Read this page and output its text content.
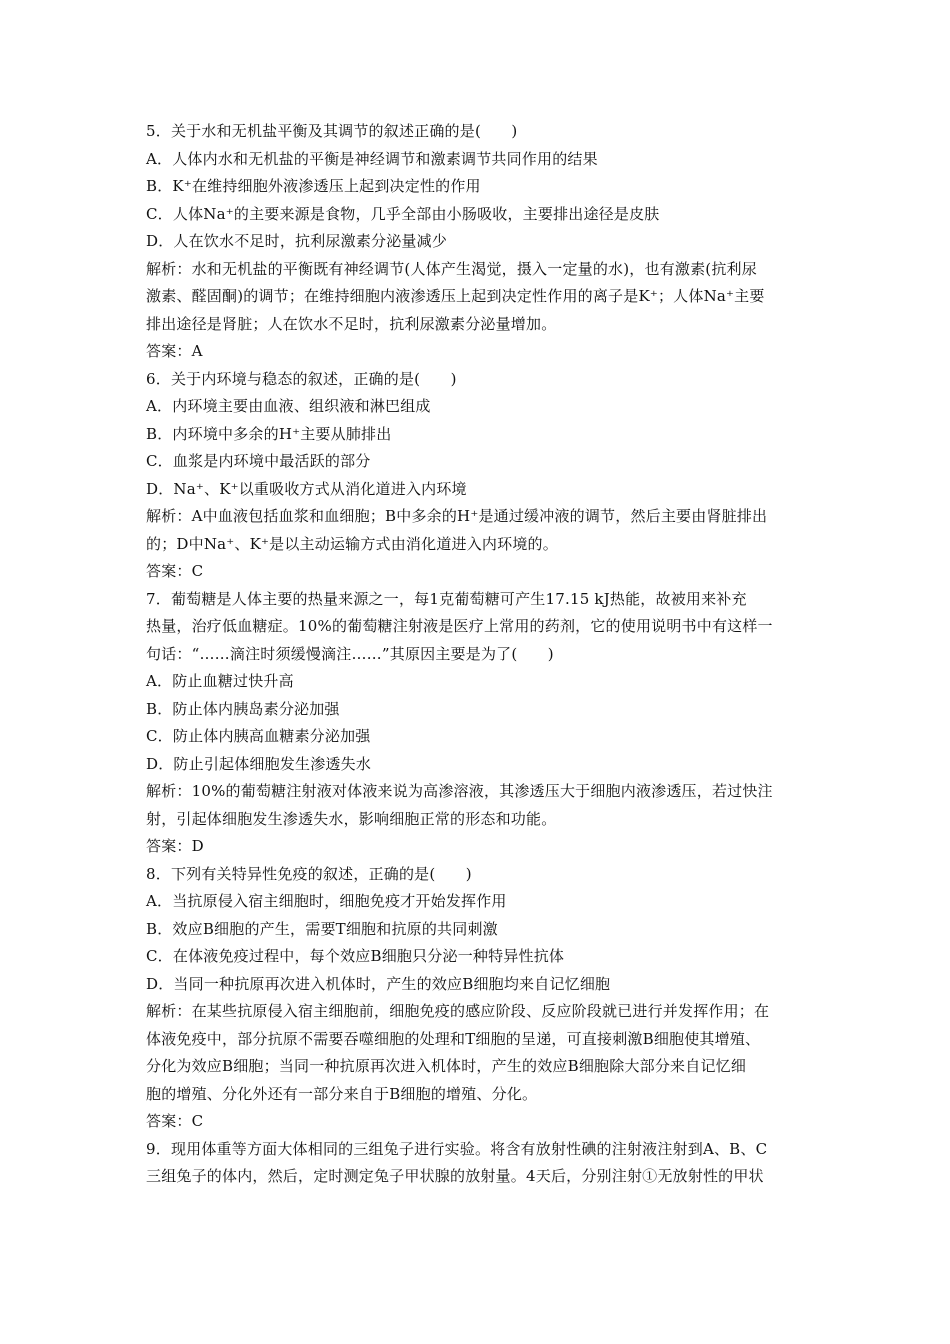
5．关于水和无机盐平衡及其调节的叙述正确的是(　　)
A．人体内水和无机盐的平衡是神经调节和激素调节共同作用的结果
B．K⁺在维持细胞外液渗透压上起到决定性的作用
C．人体Na⁺的主要来源是食物，几乎全部由小肠吸收，主要排出途径是皮肤
D．人在饮水不足时，抗利尿激素分泌量减少
解析：水和无机盐的平衡既有神经调节(人体产生渴觉，摄入一定量的水)，也有激素(抗利尿
激素、醛固酮)的调节；在维持细胞内液渗透压上起到决定性作用的离子是K⁺；人体Na⁺主要
排出途径是肾脏；人在饮水不足时，抗利尿激素分泌量增加。
答案：A
6．关于内环境与稳态的叙述，正确的是(　　)
A．内环境主要由血液、组织液和淋巴组成
B．内环境中多余的H⁺主要从肺排出
C．血浆是内环境中最活跃的部分
D．Na⁺、K⁺以重吸收方式从消化道进入内环境
解析：A中血液包括血浆和血细胞；B中多余的H⁺是通过缓冲液的调节，然后主要由肾脏排出
的；D中Na⁺、K⁺是以主动运输方式由消化道进入内环境的。
答案：C
7．葡萄糖是人体主要的热量来源之一，每1克葡萄糖可产生17.15 kJ热能，故被用来补充
热量，治疗低血糖症。10%的葡萄糖注射液是医疗上常用的药剂，它的使用说明书中有这样一
句话：“……滴注时须缓慢滴注……”其原因主要是为了(　　)
A．防止血糖过快升高
B．防止体内胰岛素分泌加强
C．防止体内胰高血糖素分泌加强
D．防止引起体细胞发生渗透失水
解析：10%的葡萄糖注射液对体液来说为高渗溶液，其渗透压大于细胞内液渗透压，若过快注
射，引起体细胞发生渗透失水，影响细胞正常的形态和功能。
答案：D
8．下列有关特异性免疫的叙述，正确的是(　　)
A．当抗原侵入宿主细胞时，细胞免疫才开始发挥作用
B．效应B细胞的产生，需要T细胞和抗原的共同刺激
C．在体液免疫过程中，每个效应B细胞只分泌一种特异性抗体
D．当同一种抗原再次进入机体时，产生的效应B细胞均来自记忆细胞
解析：在某些抗原侵入宿主细胞前，细胞免疫的感应阶段、反应阶段就已进行并发挥作用；在
体液免疫中，部分抗原不需要吞噬细胞的处理和T细胞的呈递，可直接刺激B细胞使其增殖、
分化为效应B细胞；当同一种抗原再次进入机体时，产生的效应B细胞除大部分来自记忆细
胞的增殖、分化外还有一部分来自于B细胞的增殖、分化。
答案：C
9．现用体重等方面大体相同的三组兔子进行实验。将含有放射性碘的注射液注射到A、B、C
三组兔子的体内，然后，定时测定兔子甲状腺的放射量。4天后，分别注射①无放射性的甲状
